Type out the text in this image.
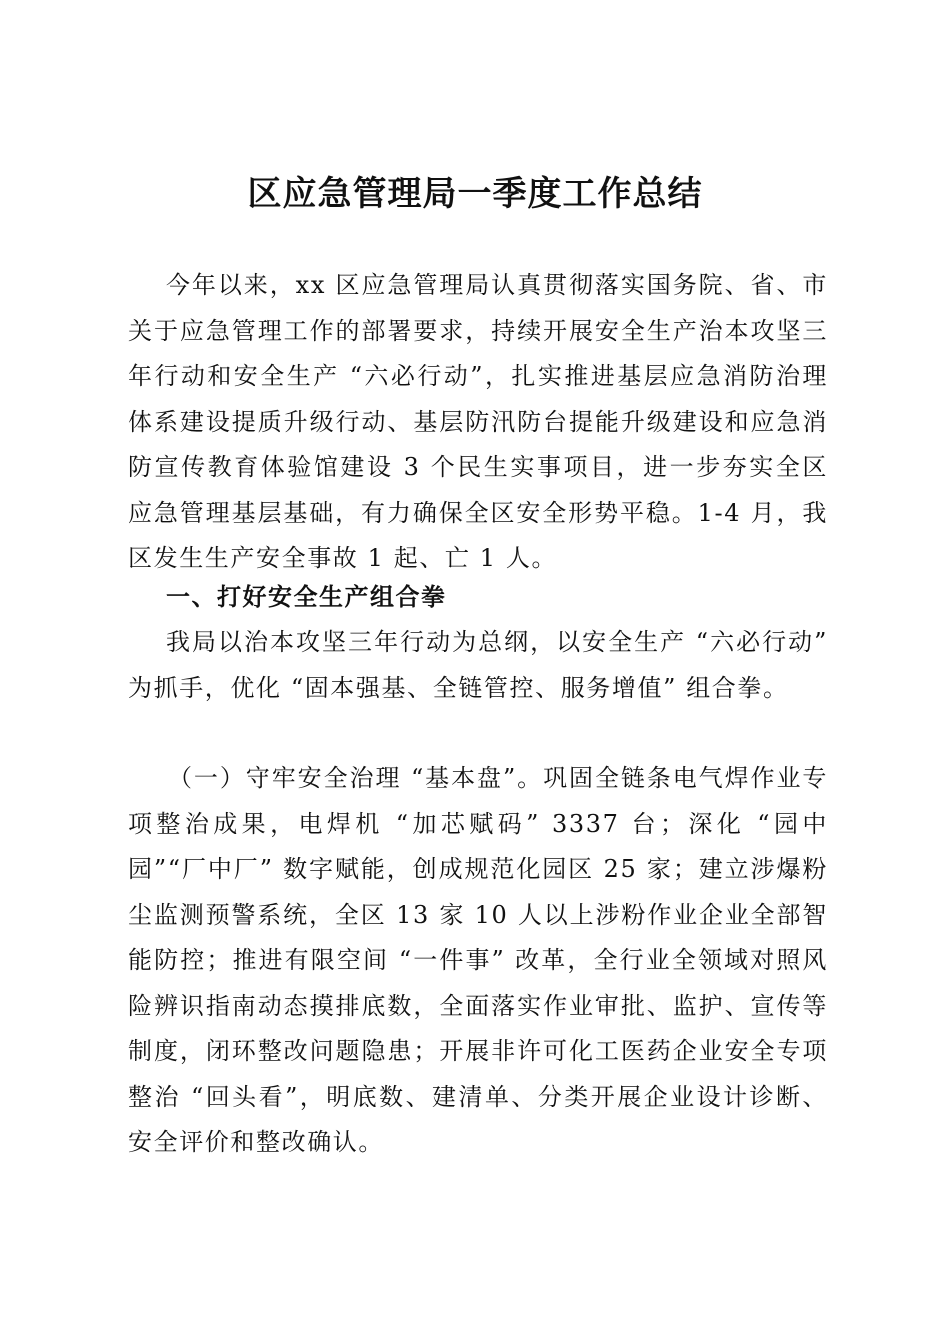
区应急管理局一季度工作总结
今年以来，xx 区应急管理局认真贯彻落实国务院、省、市关于应急管理工作的部署要求，持续开展安全生产治本攻坚三年行动和安全生产 “六必行动”，扎实推进基层应急消防治理体系建设提质升级行动、基层防汛防台提能升级建设和应急消防宣传教育体验馆建设 3 个民生实事项目，进一步夯实全区应急管理基层基础，有力确保全区安全形势平稳。1-4 月，我区发生生产安全事故 1 起、亡 1 人。
一、打好安全生产组合拳
我局以治本攻坚三年行动为总纲，以安全生产 “六必行动” 为抓手，优化 “固本强基、全链管控、服务增值” 组合拳。
（一）守牢安全治理 “基本盘”。巩固全链条电气焊作业专项整治成果，电焊机 “加芯赋码” 3337 台；深化 “园中园”“厂中厂” 数字赋能，创成规范化园区 25 家；建立涉爆粉尘监测预警系统，全区 13 家 10 人以上涉粉作业企业全部智能防控；推进有限空间 “一件事” 改革，全行业全领域对照风险辨识指南动态摸排底数，全面落实作业审批、监护、宣传等制度，闭环整改问题隐患；开展非许可化工医药企业安全专项整治 “回头看”，明底数、建清单、分类开展企业设计诊断、安全评价和整改确认。
